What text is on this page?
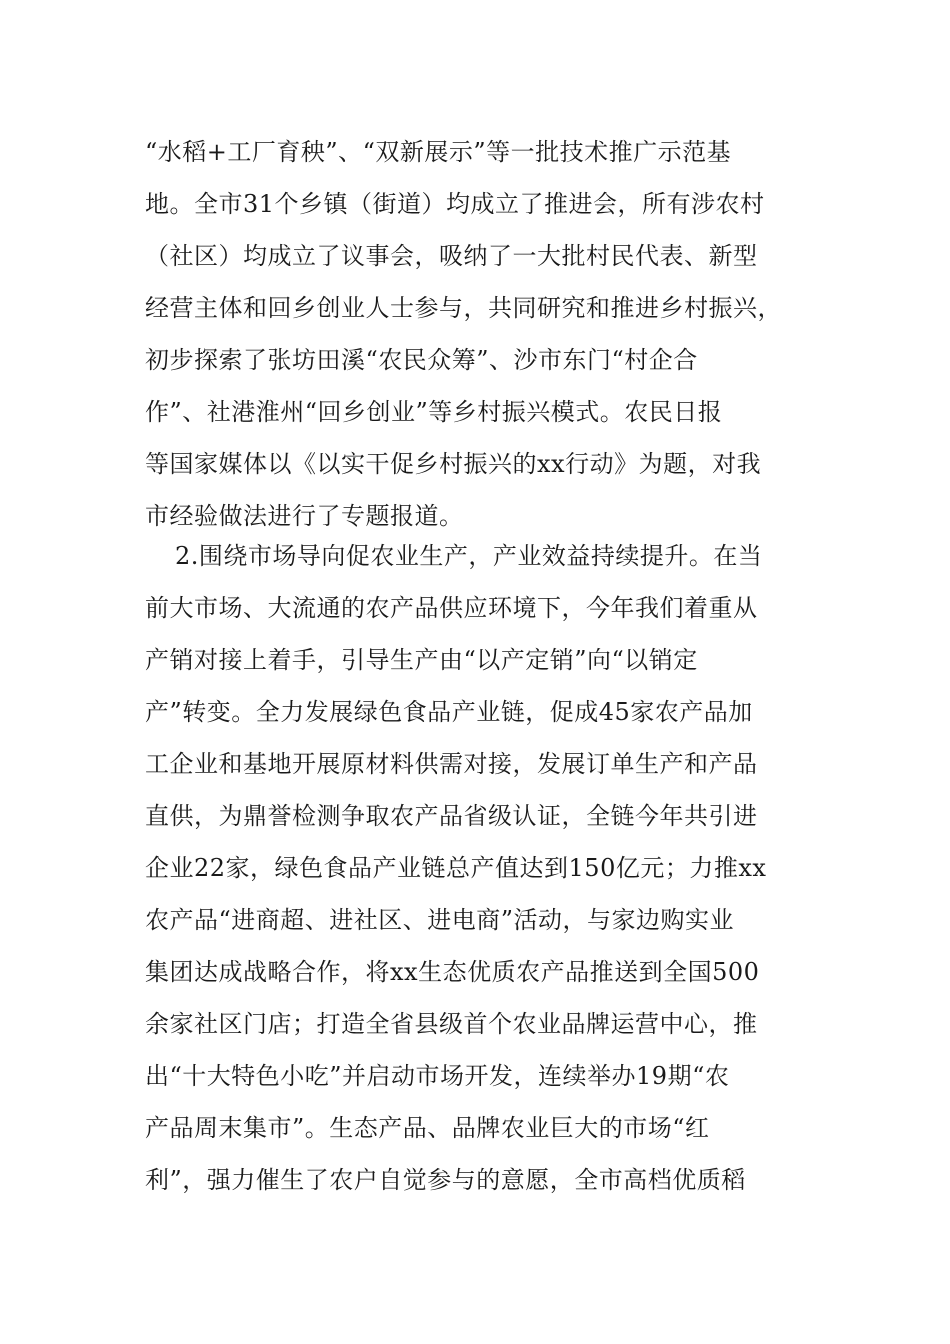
“水稻+工厂育秧”、“双新展示”等一批技术推广示范基
地。全市31个乡镇（街道）均成立了推进会，所有涉农村
（社区）均成立了议事会，吸纳了一大批村民代表、新型
经营主体和回乡创业人士参与，共同研究和推进乡村振兴，
初步探索了张坊田溪“农民众筹”、沙市东门“村企合
作”、社港淮州“回乡创业”等乡村振兴模式。农民日报
等国家媒体以《以实干促乡村振兴的xx行动》为题，对我
市经验做法进行了专题报道。
2.围绕市场导向促农业生产，产业效益持续提升。在当
前大市场、大流通的农产品供应环境下，今年我们着重从
产销对接上着手，引导生产由“以产定销”向“以销定
产”转变。全力发展绿色食品产业链，促成45家农产品加
工企业和基地开展原材料供需对接，发展订单生产和产品
直供，为鼎誉检测争取农产品省级认证，全链今年共引进
企业22家，绿色食品产业链总产值达到150亿元；力推xx
农产品“进商超、进社区、进电商”活动，与家边购实业
集团达成战略合作，将xx生态优质农产品推送到全国500
余家社区门店；打造全省县级首个农业品牌运营中心，推
出“十大特色小吃”并启动市场开发，连续举办19期“农
产品周末集市”。生态产品、品牌农业巨大的市场“红
利”，强力催生了农户自觉参与的意愿，全市高档优质稻
